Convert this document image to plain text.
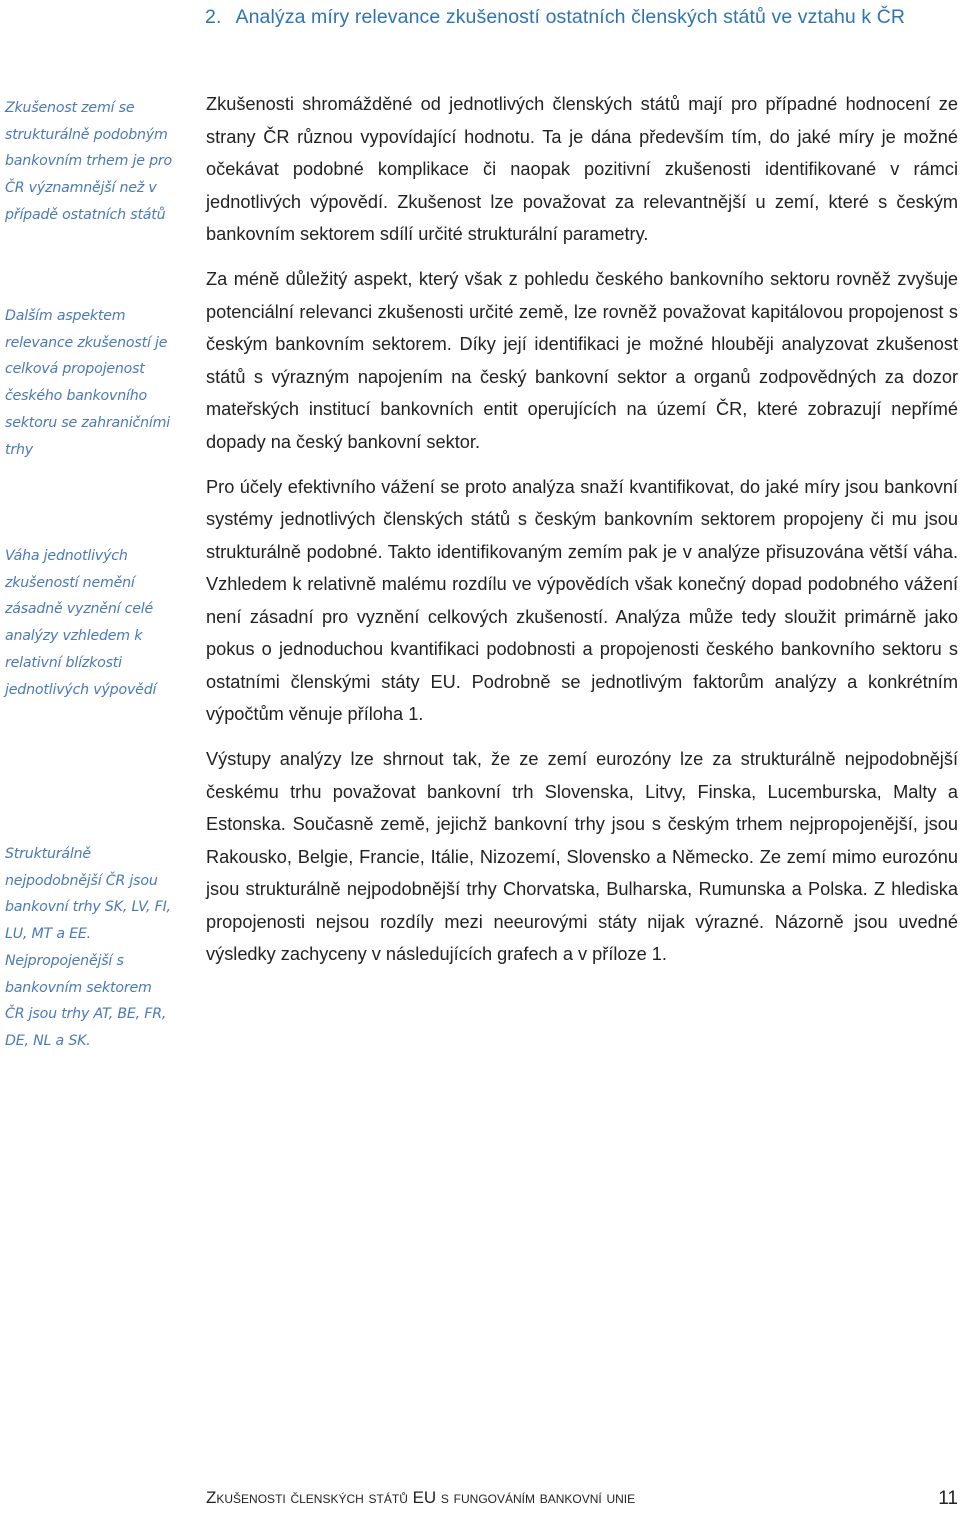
2. Analýza míry relevance zkušeností ostatních členských států ve vztahu k ČR
Zkušenost zemí se strukturálně podobným bankovním trhem je pro ČR významnější než v případě ostatních států
Dalším aspektem relevance zkušeností je celková propojenost českého bankovního sektoru se zahraničními trhy
Váha jednotlivých zkušeností nemění zásadně vyznění celé analýzy vzhledem k relativní blízkosti jednotlivých výpovědí
Strukturálně nejpodobnější ČR jsou bankovní trhy SK, LV, FI, LU, MT a EE. Nejpropojenější s bankovním sektorem ČR jsou trhy AT, BE, FR, DE, NL a SK.

Zkušenosti shromážděné od jednotlivých členských států mají pro případné hodnocení ze strany ČR různou vypovídající hodnotu. Ta je dána především tím, do jaké míry je možné očekávat podobné komplikace či naopak pozitivní zkušenosti identifikované v rámci jednotlivých výpovědí. Zkušenost lze považovat za relevantnější u zemí, které s českým bankovním sektorem sdílí určité strukturální parametry.

Za méně důležitý aspekt, který však z pohledu českého bankovního sektoru rovněž zvyšuje potenciální relevanci zkušenosti určité země, lze rovněž považovat kapitálovou propojenost s českým bankovním sektorem. Díky její identifikaci je možné hlouběji analyzovat zkušenost států s výrazným napojením na český bankovní sektor a organů zodpovědných za dozor mateřských institucí bankovních entit operujících na území ČR, které zobrazují nepřímé dopady na český bankovní sektor.

Pro účely efektivního vážení se proto analýza snaží kvantifikovat, do jaké míry jsou bankovní systémy jednotlivých členských států s českým bankovním sektorem propojeny či mu jsou strukturálně podobné. Takto identifikovaným zemím pak je v analýze přisuzována větší váha. Vzhledem k relativně malému rozdílu ve výpovědích však konečný dopad podobného vážení není zásadní pro vyznění celkových zkušeností. Analýza může tedy sloužit primárně jako pokus o jednoduchou kvantifikaci podobnosti a propojenosti českého bankovního sektoru s ostatními členskými státy EU. Podrobně se jednotlivým faktorům analýzy a konkrétním výpočtům věnuje příloha 1.

Výstupy analýzy lze shrnout tak, že ze zemí eurozóny lze za strukturálně nejpodobnější českému trhu považovat bankovní trh Slovenska, Litvy, Finska, Lucemburska, Malty a Estonska. Současně země, jejichž bankovní trhy jsou s českým trhem nejpropojenější, jsou Rakousko, Belgie, Francie, Itálie, Nizozemí, Slovensko a Německo. Ze zemí mimo eurozónu jsou strukturálně nejpodobnější trhy Chorvatska, Bulharska, Rumunska a Polska. Z hlediska propojenosti nejsou rozdíly mezi neeurovými státy nijak výrazné. Názorně jsou uvedné výsledky zachyceny v následujících grafech a v příloze 1.

Zkušenosti členských států EU s fungováním bankovní unie	11
